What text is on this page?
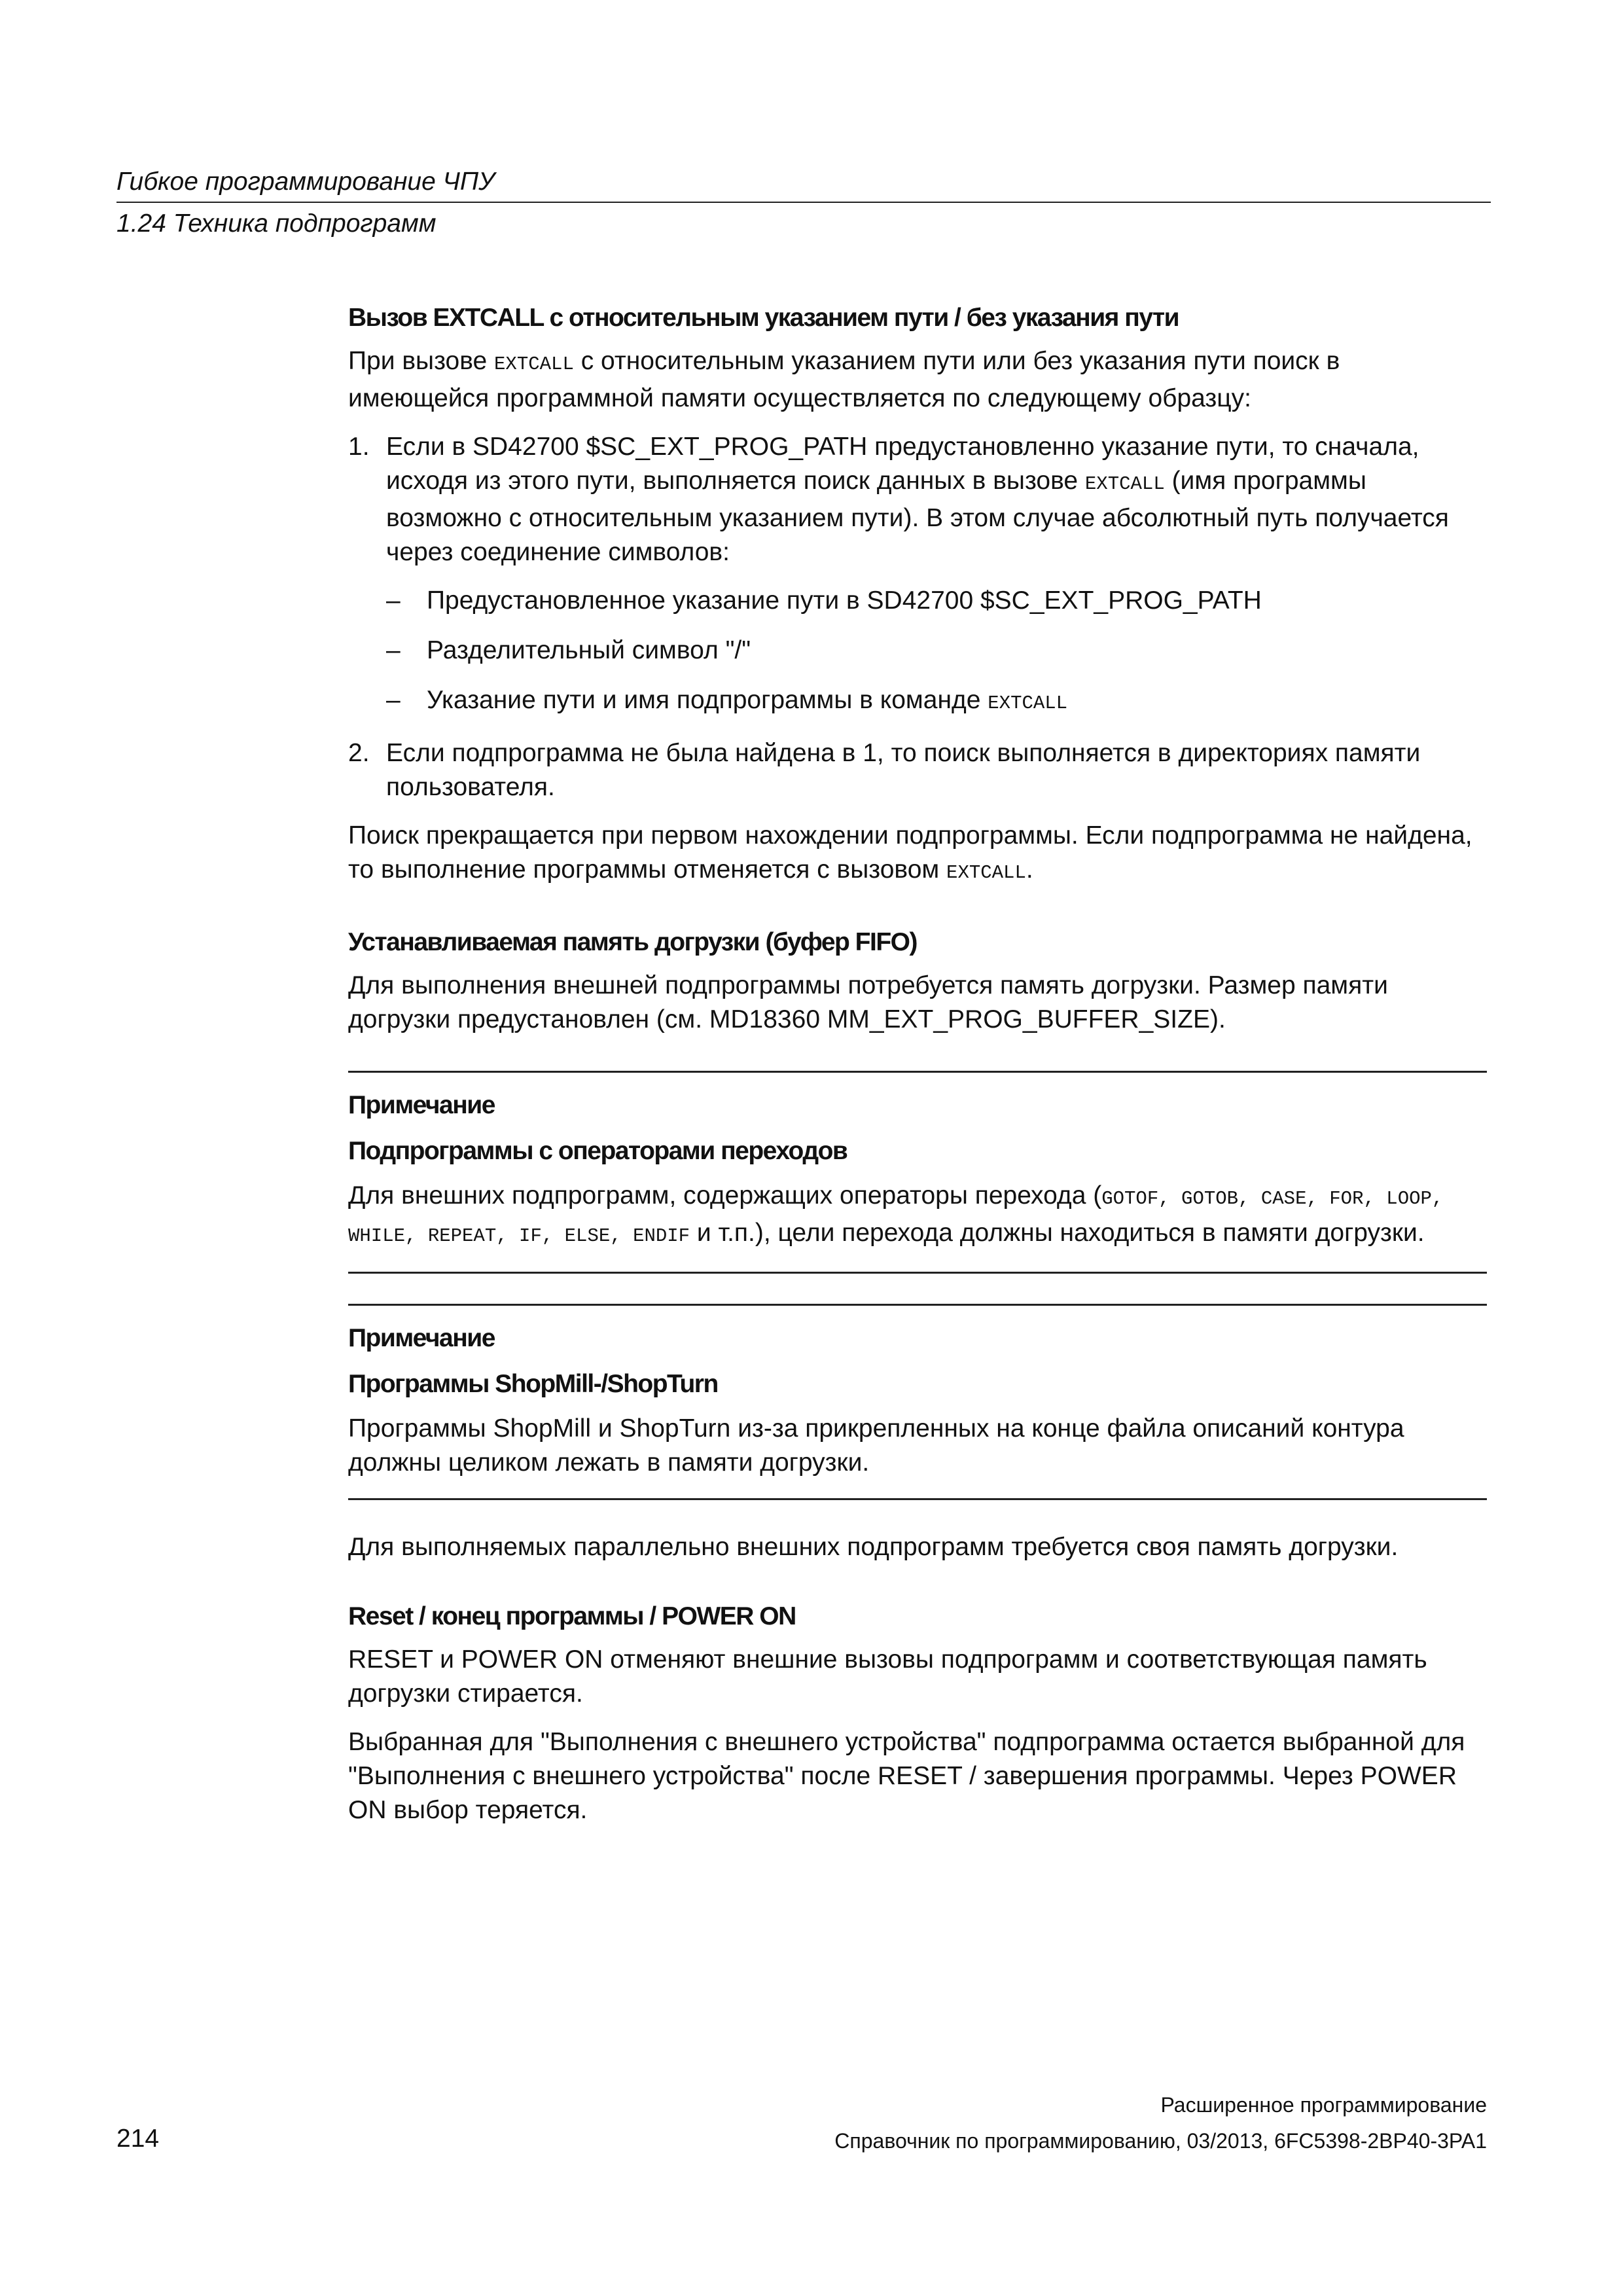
Гибкое программирование ЧПУ
1.24 Техника подпрограмм
Вызов EXTCALL с относительным указанием пути / без указания пути

При вызове EXTCALL с относительным указанием пути или без указания пути поиск в имеющейся программной памяти осуществляется по следующему образцу:

1. Если в SD42700 $SC_EXT_PROG_PATH предустановленно указание пути, то сначала, исходя из этого пути, выполняется поиск данных в вызове EXTCALL (имя программы возможно с относительным указанием пути). В этом случае абсолютный путь получается через соединение символов:
– Предустановленное указание пути в SD42700 $SC_EXT_PROG_PATH
– Разделительный символ "/"
– Указание пути и имя подпрограммы в команде EXTCALL
2. Если подпрограмма не была найдена в 1, то поиск выполняется в директориях памяти пользователя.

Поиск прекращается при первом нахождении подпрограммы. Если подпрограмма не найдена, то выполнение программы отменяется с вызовом EXTCALL.

Устанавливаемая память догрузки (буфер FIFO)

Для выполнения внешней подпрограммы потребуется память догрузки. Размер памяти догрузки предустановлен (см. MD18360 MM_EXT_PROG_BUFFER_SIZE).

Примечание
Подпрограммы с операторами переходов

Для внешних подпрограмм, содержащих операторы перехода (GOTOF, GOTOB, CASE, FOR, LOOP, WHILE, REPEAT, IF, ELSE, ENDIF и т.п.), цели перехода должны находиться в памяти догрузки.

Примечание
Программы ShopMill-/ShopTurn

Программы ShopMill и ShopTurn из-за прикрепленных на конце файла описаний контура должны целиком лежать в памяти догрузки.

Для выполняемых параллельно внешних подпрограмм требуется своя память догрузки.

Reset / конец программы / POWER ON

RESET и POWER ON отменяют внешние вызовы подпрограмм и соответствующая память догрузки стирается.

Выбранная для "Выполнения с внешнего устройства" подпрограмма остается выбранной для "Выполнения с внешнего устройства" после RESET / завершения программы. Через POWER ON выбор теряется.

Расширенное программирование
214	Справочник по программированию, 03/2013, 6FC5398-2BP40-3PA1
